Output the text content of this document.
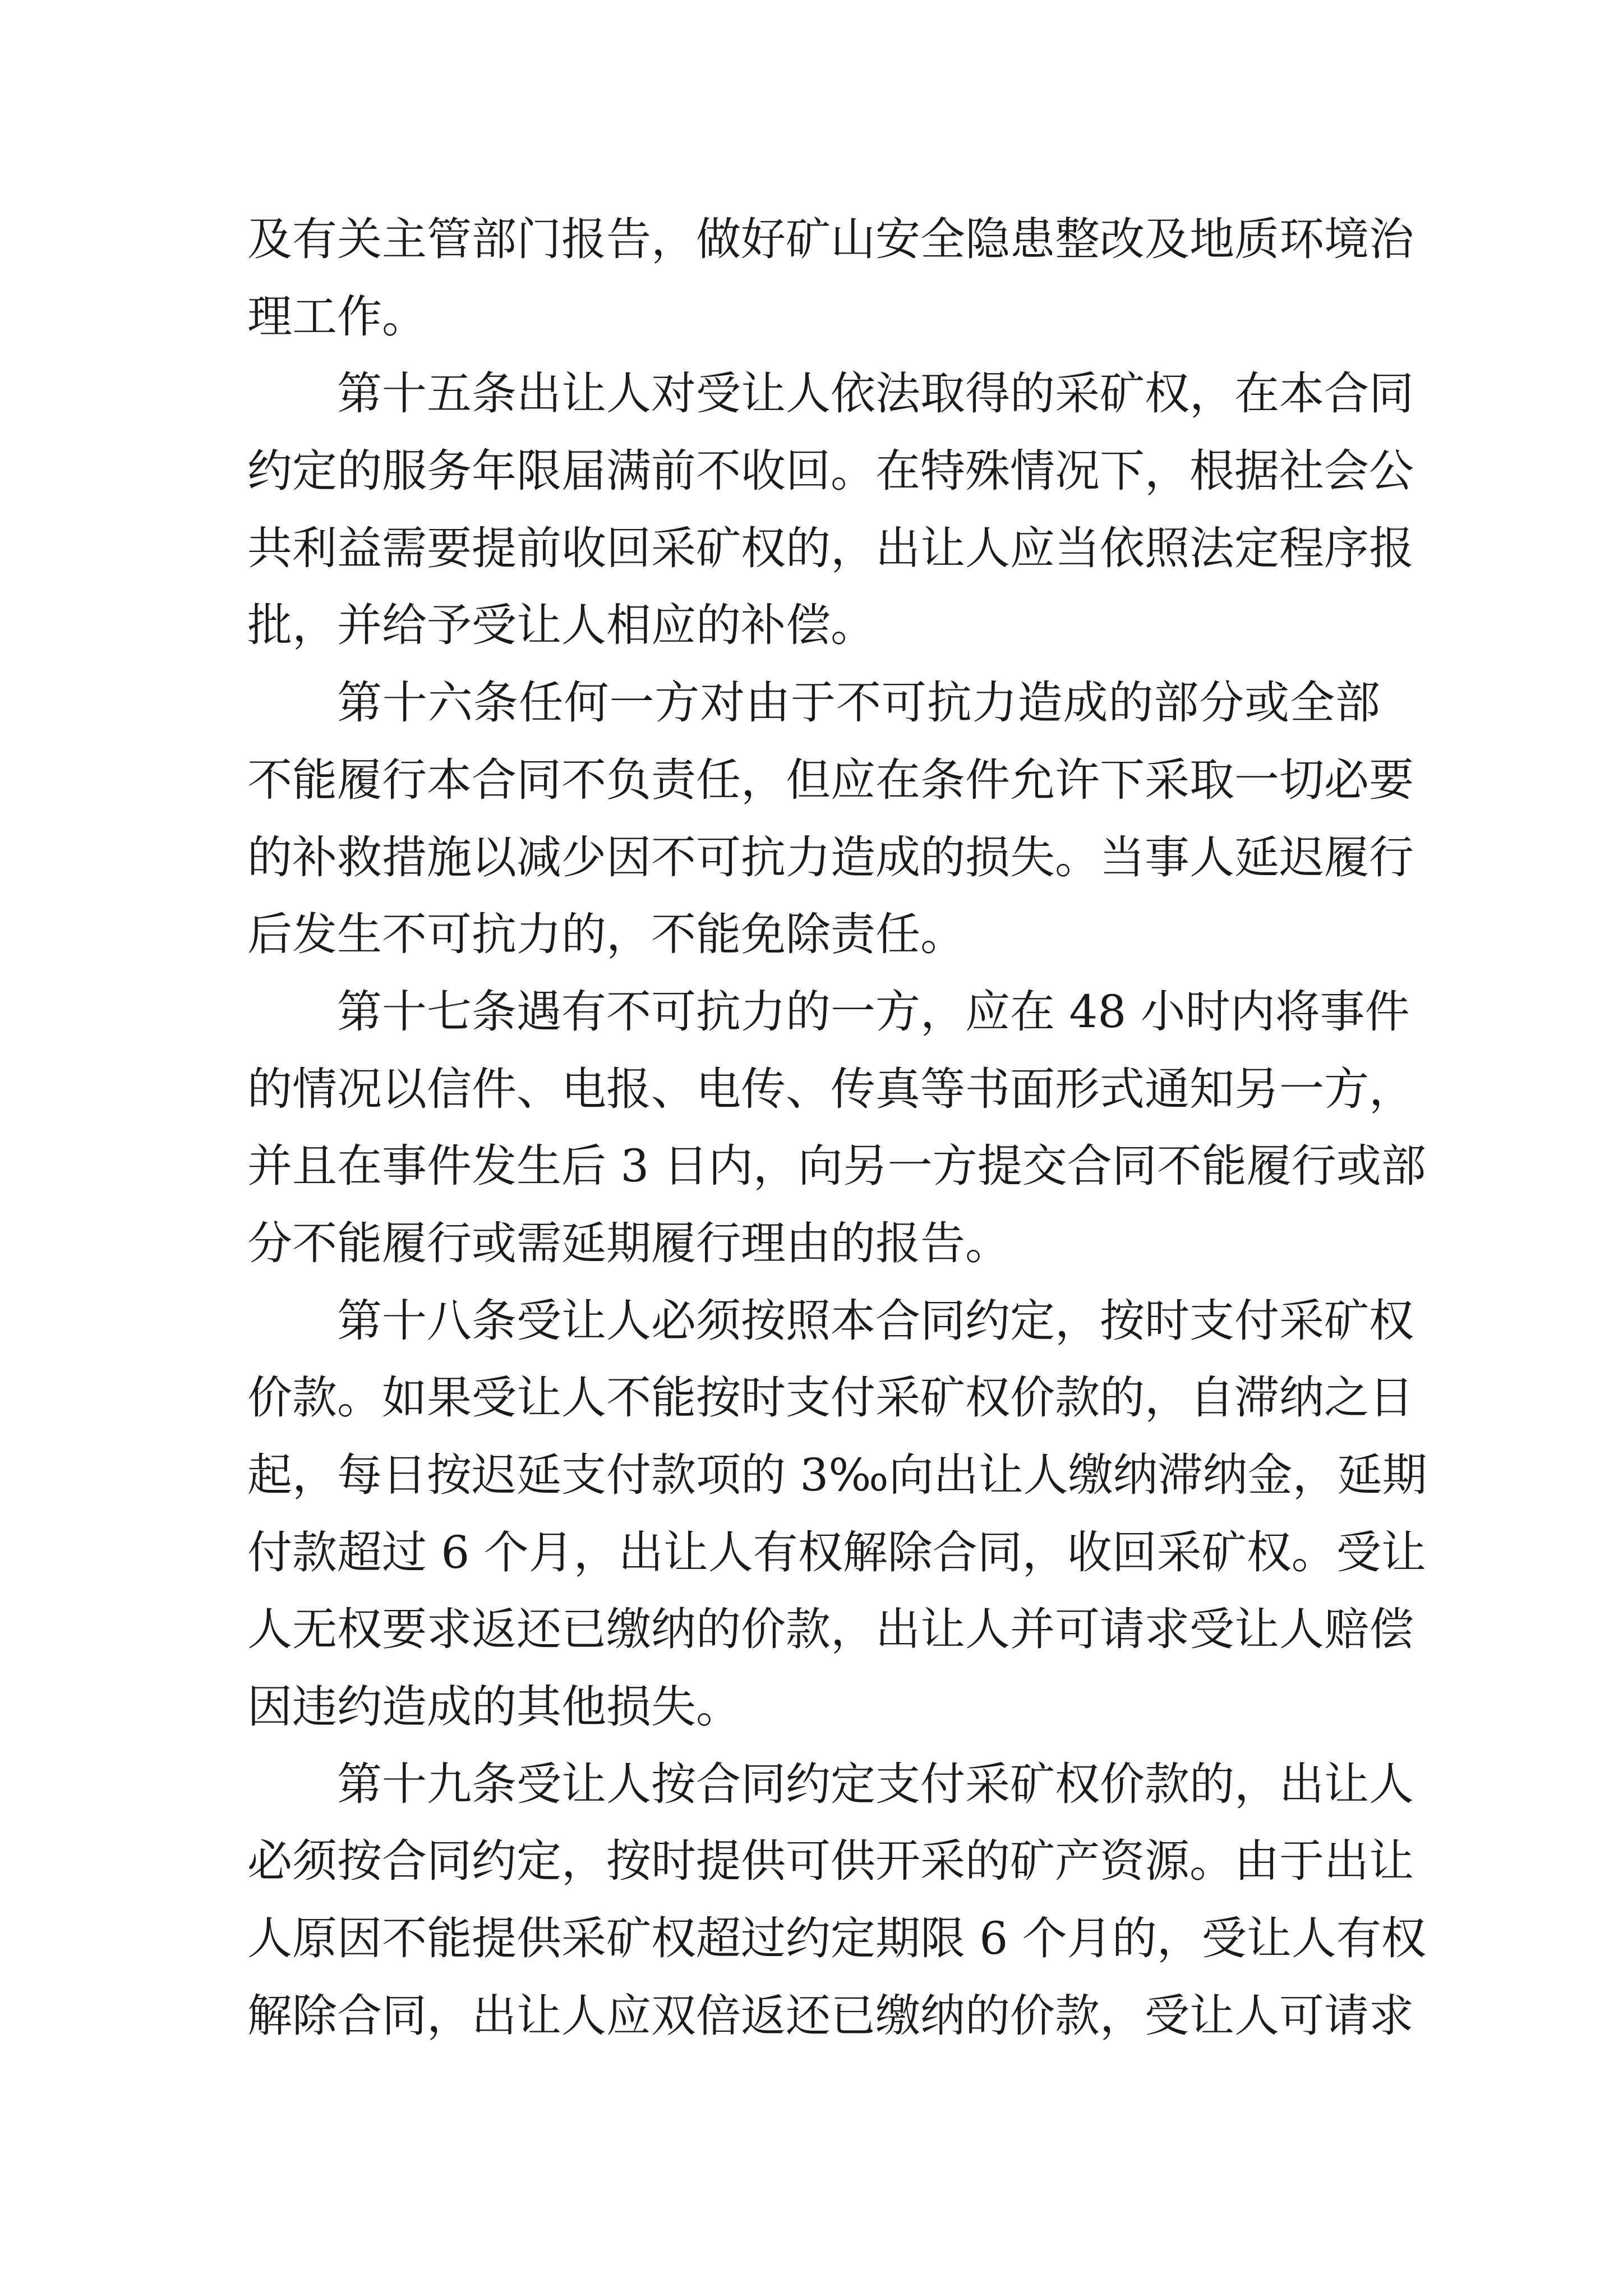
及有关主管部门报告，做好矿山安全隐患整改及地质环境治
理工作。
第十五条出让人对受让人依法取得的采矿权，在本合同
约定的服务年限届满前不收回。在特殊情况下，根据社会公
共利益需要提前收回采矿权的，出让人应当依照法定程序报
批，并给予受让人相应的补偿。
第十六条任何一方对由于不可抗力造成的部分或全部
不能履行本合同不负责任，但应在条件允许下采取一切必要
的补救措施以减少因不可抗力造成的损失。当事人延迟履行
后发生不可抗力的，不能免除责任。
第十七条遇有不可抗力的一方，应在 48 小时内将事件
的情况以信件、电报、电传、传真等书面形式通知另一方，
并且在事件发生后 3 日内，向另一方提交合同不能履行或部
分不能履行或需延期履行理由的报告。
第十八条受让人必须按照本合同约定，按时支付采矿权
价款。如果受让人不能按时支付采矿权价款的，自滞纳之日
起，每日按迟延支付款项的 3‰向出让人缴纳滞纳金，延期
付款超过 6 个月，出让人有权解除合同，收回采矿权。受让
人无权要求返还已缴纳的价款，出让人并可请求受让人赔偿
因违约造成的其他损失。
第十九条受让人按合同约定支付采矿权价款的，出让人
必须按合同约定，按时提供可供开采的矿产资源。由于出让
人原因不能提供采矿权超过约定期限 6 个月的，受让人有权
解除合同，出让人应双倍返还已缴纳的价款，受让人可请求
